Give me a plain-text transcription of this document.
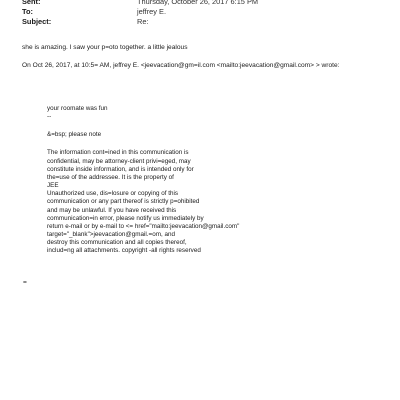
Sent:	Thursday, October 26, 2017 6:15 PM
To:	jeffrey E.
Subject:	Re:
she is amazing. I saw your p=oto together. a little jealous
On Oct 26, 2017, at 10:5= AM, jeffrey E. <jeevacation@gm=il.com <mailto:jeevacation@gmail.com> > wrote:
your roomate was fun
--
&=bsp; please note
The information cont=ined in this communication is
confidential, may be attorney-client privi=eged, may
constitute inside information, and is intended only for
the=use of the addressee. It is the property of
JEE
Unauthorized use, dis=losure or copying of this
communication or any part thereof is strictly p=ohibited
and may be unlawful. If you have received this
communication=in error, please notify us immediately by
return e-mail or by e-mail to <= href="mailto:jeevacation@gmail.com"
target="_blank">jeevacation@gmail.=om, and
destroy this communication and all copies thereof,
includ=ng all attachments. copyright -all rights reserved
=
